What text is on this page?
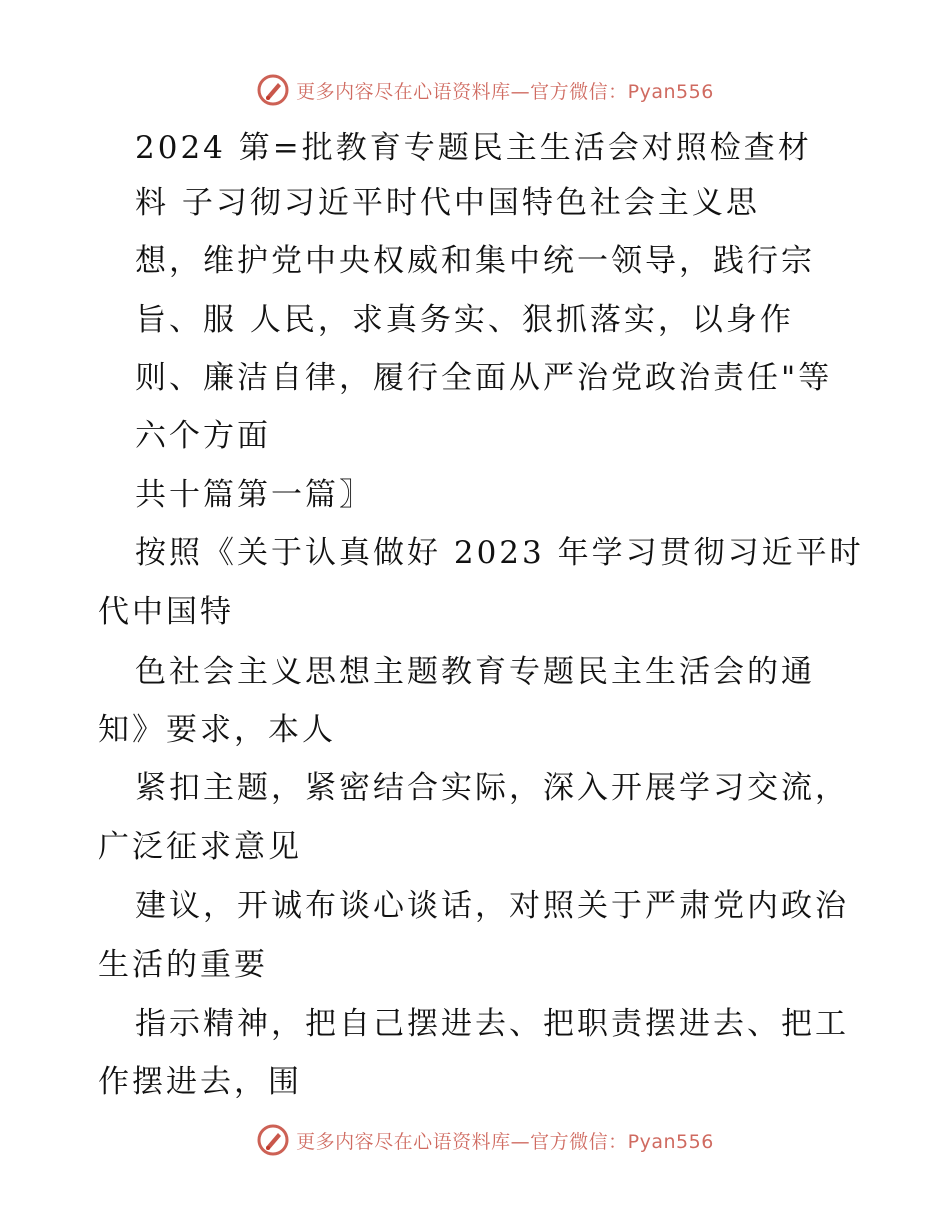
更多内容尽在心语资料库—官方微信：Pyan556
2024 第=批教育专题民主生活会对照检查材
料 子习彻习近平时代中国特色社会主义思
想，维护党中央权威和集中统一领导，践行宗
旨、服 人民，求真务实、狠抓落实，以身作
则、廉洁自律，履行全面从严治党政治责任"等
六个方面
共十篇第一篇〗
按照《关于认真做好 2023 年学习贯彻习近平时
代中国特
色社会主义思想主题教育专题民主生活会的通
知》要求，本人
紧扣主题，紧密结合实际，深入开展学习交流，
广泛征求意见
建议，开诚布谈心谈话，对照关于严肃党内政治
生活的重要
指示精神，把自己摆进去、把职责摆进去、把工
作摆进去，围
更多内容尽在心语资料库—官方微信：Pyan556
